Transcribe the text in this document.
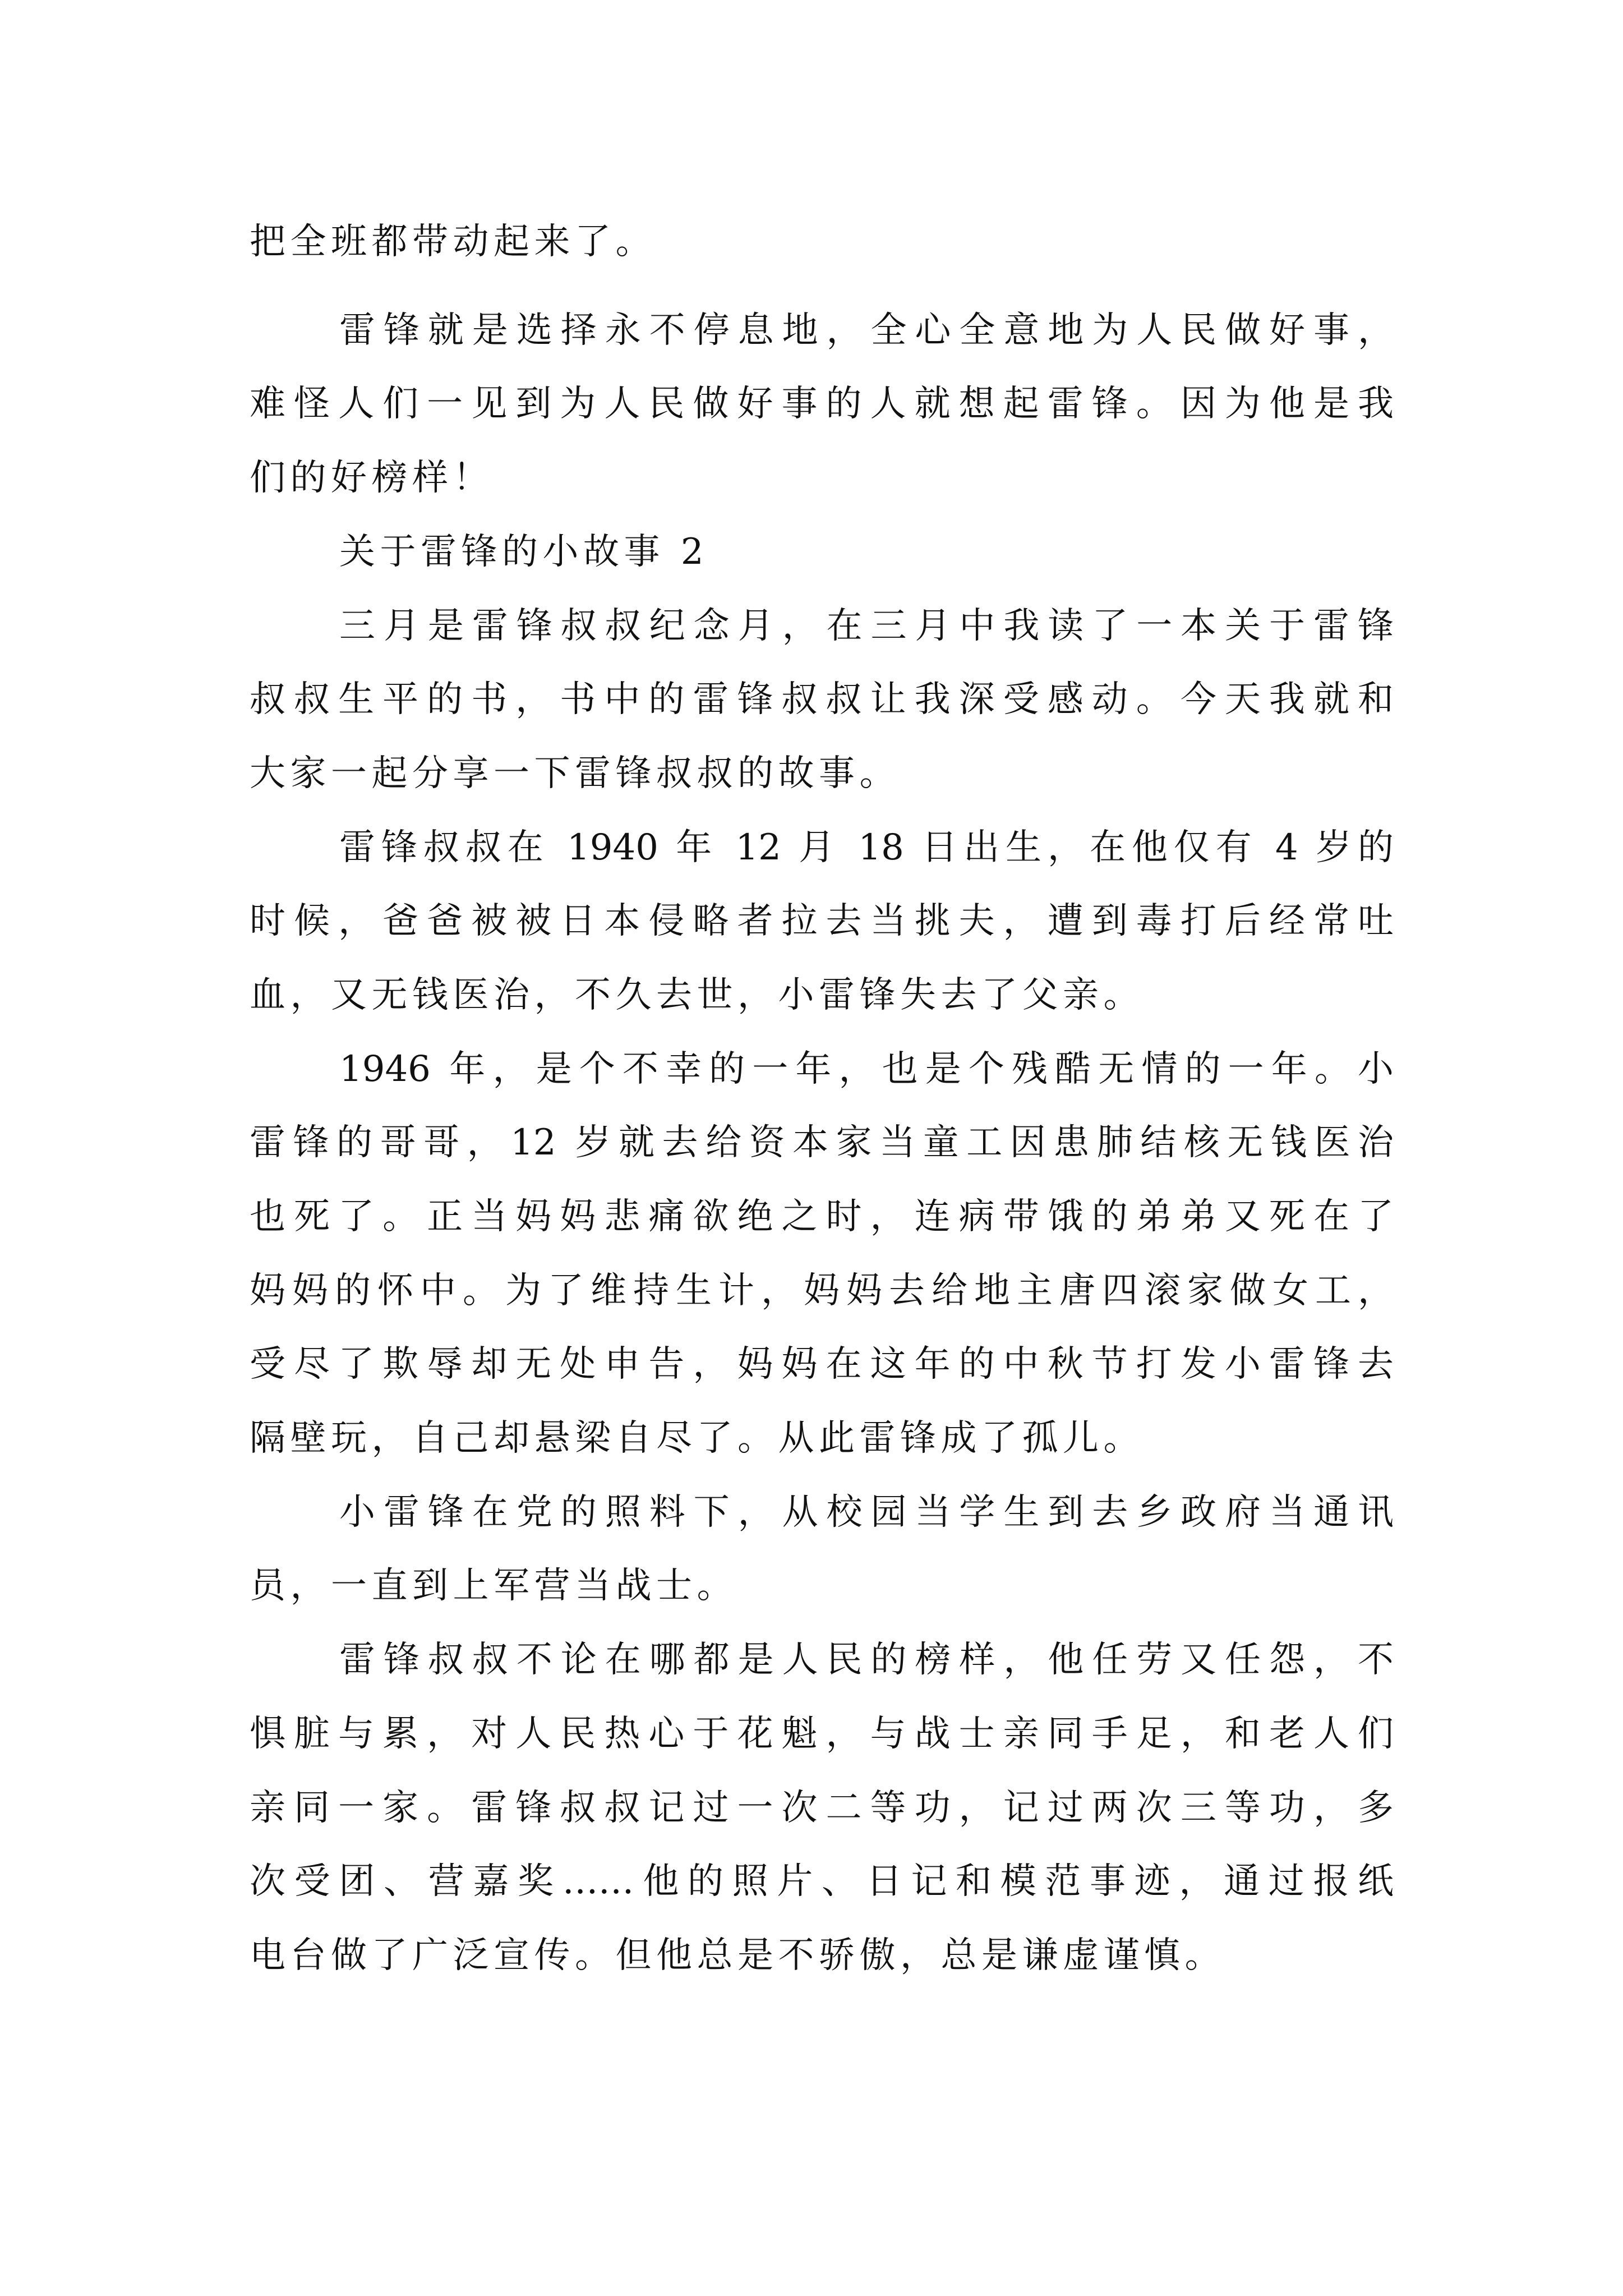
把全班都带动起来了。
雷锋就是选择永不停息地，全心全意地为人民做好事，
难怪人们一见到为人民做好事的人就想起雷锋。因为他是我
们的好榜样！
关于雷锋的小故事 2
三月是雷锋叔叔纪念月，在三月中我读了一本关于雷锋
叔叔生平的书，书中的雷锋叔叔让我深受感动。今天我就和
大家一起分享一下雷锋叔叔的故事。
雷锋叔叔在 1940 年 12 月 18 日出生，在他仅有 4 岁的
时候，爸爸被被日本侵略者拉去当挑夫，遭到毒打后经常吐
血，又无钱医治，不久去世，小雷锋失去了父亲。
1946 年，是个不幸的一年，也是个残酷无情的一年。小
雷锋的哥哥，12 岁就去给资本家当童工因患肺结核无钱医治
也死了。正当妈妈悲痛欲绝之时，连病带饿的弟弟又死在了
妈妈的怀中。为了维持生计，妈妈去给地主唐四滚家做女工，
受尽了欺辱却无处申告，妈妈在这年的中秋节打发小雷锋去
隔壁玩，自己却悬梁自尽了。从此雷锋成了孤儿。
小雷锋在党的照料下，从校园当学生到去乡政府当通讯
员，一直到上军营当战士。
雷锋叔叔不论在哪都是人民的榜样，他任劳又任怨，不
惧脏与累，对人民热心于花魁，与战士亲同手足，和老人们
亲同一家。雷锋叔叔记过一次二等功，记过两次三等功，多
次受团、营嘉奖……他的照片、日记和模范事迹，通过报纸
电台做了广泛宣传。但他总是不骄傲，总是谦虚谨慎。
